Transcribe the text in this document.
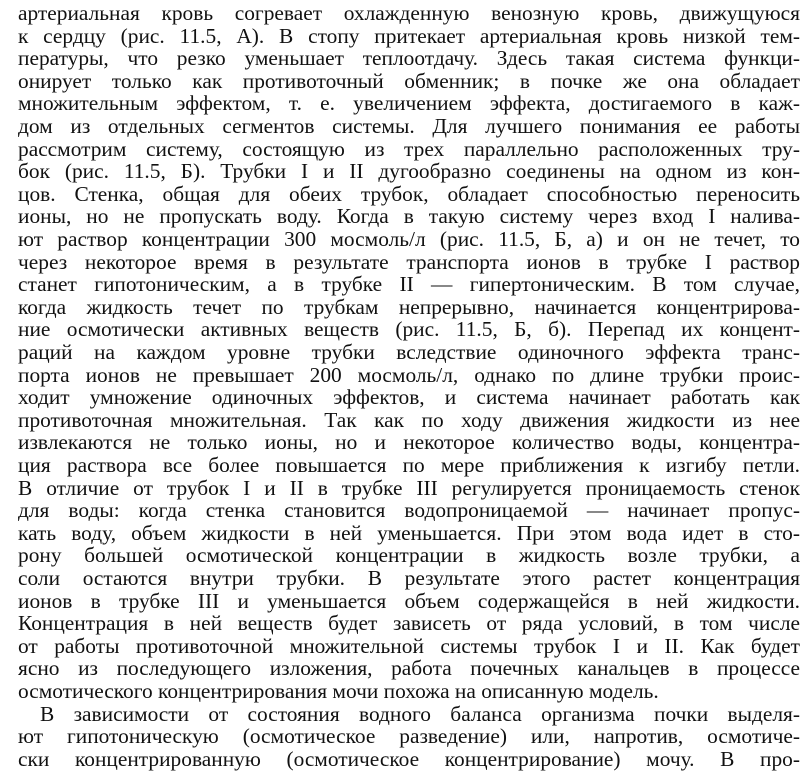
артериальная кровь согревает охлажденную венозную кровь, движущуюся
к сердцу (рис. 11.5, А). В стопу притекает артериальная кровь низкой тем-
пературы, что резко уменьшает теплоотдачу. Здесь такая система функци-
онирует только как противоточный обменник; в почке же она обладает
множительным эффектом, т. е. увеличением эффекта, достигаемого в каж-
дом из отдельных сегментов системы. Для лучшего понимания ее работы
рассмотрим систему, состоящую из трех параллельно расположенных тру-
бок (рис. 11.5, Б). Трубки I и II дугообразно соединены на одном из кон-
цов. Стенка, общая для обеих трубок, обладает способностью переносить
ионы, но не пропускать воду. Когда в такую систему через вход I налива-
ют раствор концентрации 300 мосмоль/л (рис. 11.5, Б, а) и он не течет, то
через некоторое время в результате транспорта ионов в трубке I раствор
станет гипотоническим, а в трубке II — гипертоническим. В том случае,
когда жидкость течет по трубкам непрерывно, начинается концентрирова-
ние осмотически активных веществ (рис. 11.5, Б, б). Перепад их концент-
раций на каждом уровне трубки вследствие одиночного эффекта транс-
порта ионов не превышает 200 мосмоль/л, однако по длине трубки проис-
ходит умножение одиночных эффектов, и система начинает работать как
противоточная множительная. Так как по ходу движения жидкости из нее
извлекаются не только ионы, но и некоторое количество воды, концентра-
ция раствора все более повышается по мере приближения к изгибу петли.
В отличие от трубок I и II в трубке III регулируется проницаемость стенок
для воды: когда стенка становится водопроницаемой — начинает пропус-
кать воду, объем жидкости в ней уменьшается. При этом вода идет в сто-
рону большей осмотической концентрации в жидкость возле трубки, а
соли остаются внутри трубки. В результате этого растет концентрация
ионов в трубке III и уменьшается объем содержащейся в ней жидкости.
Концентрация в ней веществ будет зависеть от ряда условий, в том числе
от работы противоточной множительной системы трубок I и II. Как будет
ясно из последующего изложения, работа почечных канальцев в процессе
осмотического концентрирования мочи похожа на описанную модель.
В зависимости от состояния водного баланса организма почки выделя-
ют гипотоническую (осмотическое разведение) или, напротив, осмотиче-
ски концентрированную (осмотическое концентрирование) мочу. В про-
